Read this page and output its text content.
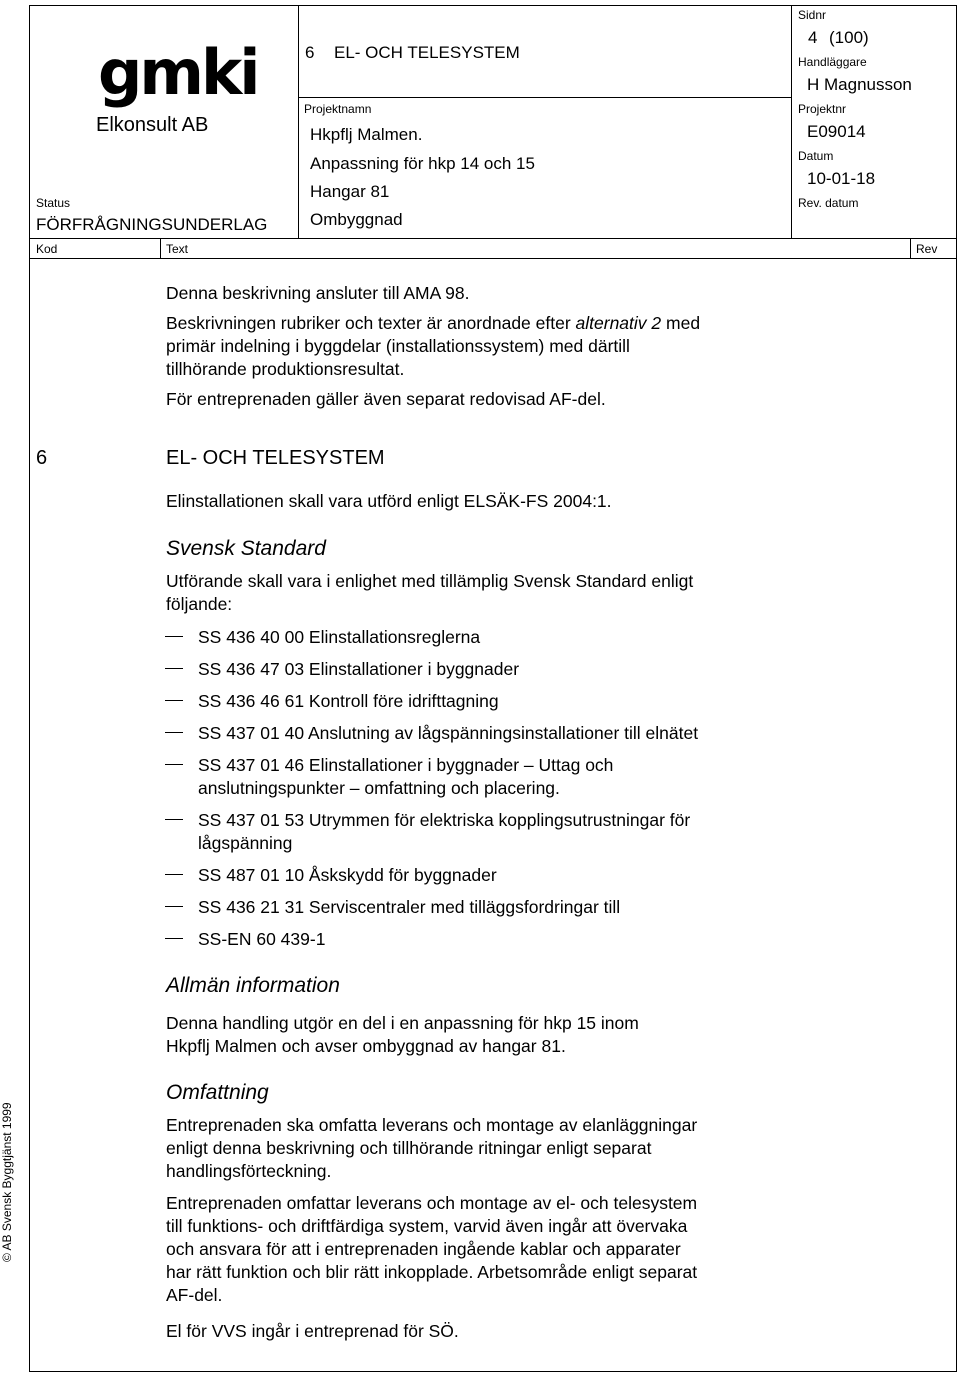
gmki
Elkonsult AB
6 EL- OCH TELESYSTEM
Sidnr
4 (100)
Handläggare
H Magnusson
Projektnr
E09014
Datum
10-01-18
Rev. datum
Projektnamn
Hkpflj Malmen.
Anpassning för hkp 14 och 15
Hangar 81
Ombyggnad
Status
FÖRFRÅGNINGSUNDERLAG
Kod	Text	Rev
Denna beskrivning ansluter till AMA 98.
Beskrivningen rubriker och texter är anordnade efter alternativ 2 med
primär indelning i byggdelar (installationssystem) med därtill
tillhörande produktionsresultat.
För entreprenaden gäller även separat redovisad AF-del.
6	EL- OCH TELESYSTEM
Elinstallationen skall vara utförd enligt ELSÄK-FS 2004:1.
Svensk Standard
Utförande skall vara i enlighet med tillämplig Svensk Standard enligt
följande:
SS 436 40 00 Elinstallationsreglerna
SS 436 47 03 Elinstallationer i byggnader
SS 436 46 61 Kontroll före idrifttagning
SS 437 01 40 Anslutning av lågspänningsinstallationer till elnätet
SS 437 01 46 Elinstallationer i byggnader – Uttag och
anslutningspunkter – omfattning och placering.
SS 437 01 53 Utrymmen för elektriska kopplingsutrustningar för
lågspänning
SS 487 01 10 Åskskydd för byggnader
SS 436 21 31 Serviscentraler med tilläggsfordringar till
SS-EN 60 439-1
Allmän information
Denna handling utgör en del i en anpassning för hkp 15 inom
Hkpflj Malmen och avser ombyggnad av hangar 81.
Omfattning
Entreprenaden ska omfatta leverans och montage av elanläggningar
enligt denna beskrivning och tillhörande ritningar enligt separat
handlingsförteckning.
Entreprenaden omfattar leverans och montage av el- och telesystem
till funktions- och driftfärdiga system, varvid även ingår att övervaka
och ansvara för att i entreprenaden ingående kablar och apparater
har rätt funktion och blir rätt inkopplade. Arbetsområde enligt separat
AF-del.
El för VVS ingår i entreprenad för SÖ.
© AB Svensk Byggtjänst 1999
